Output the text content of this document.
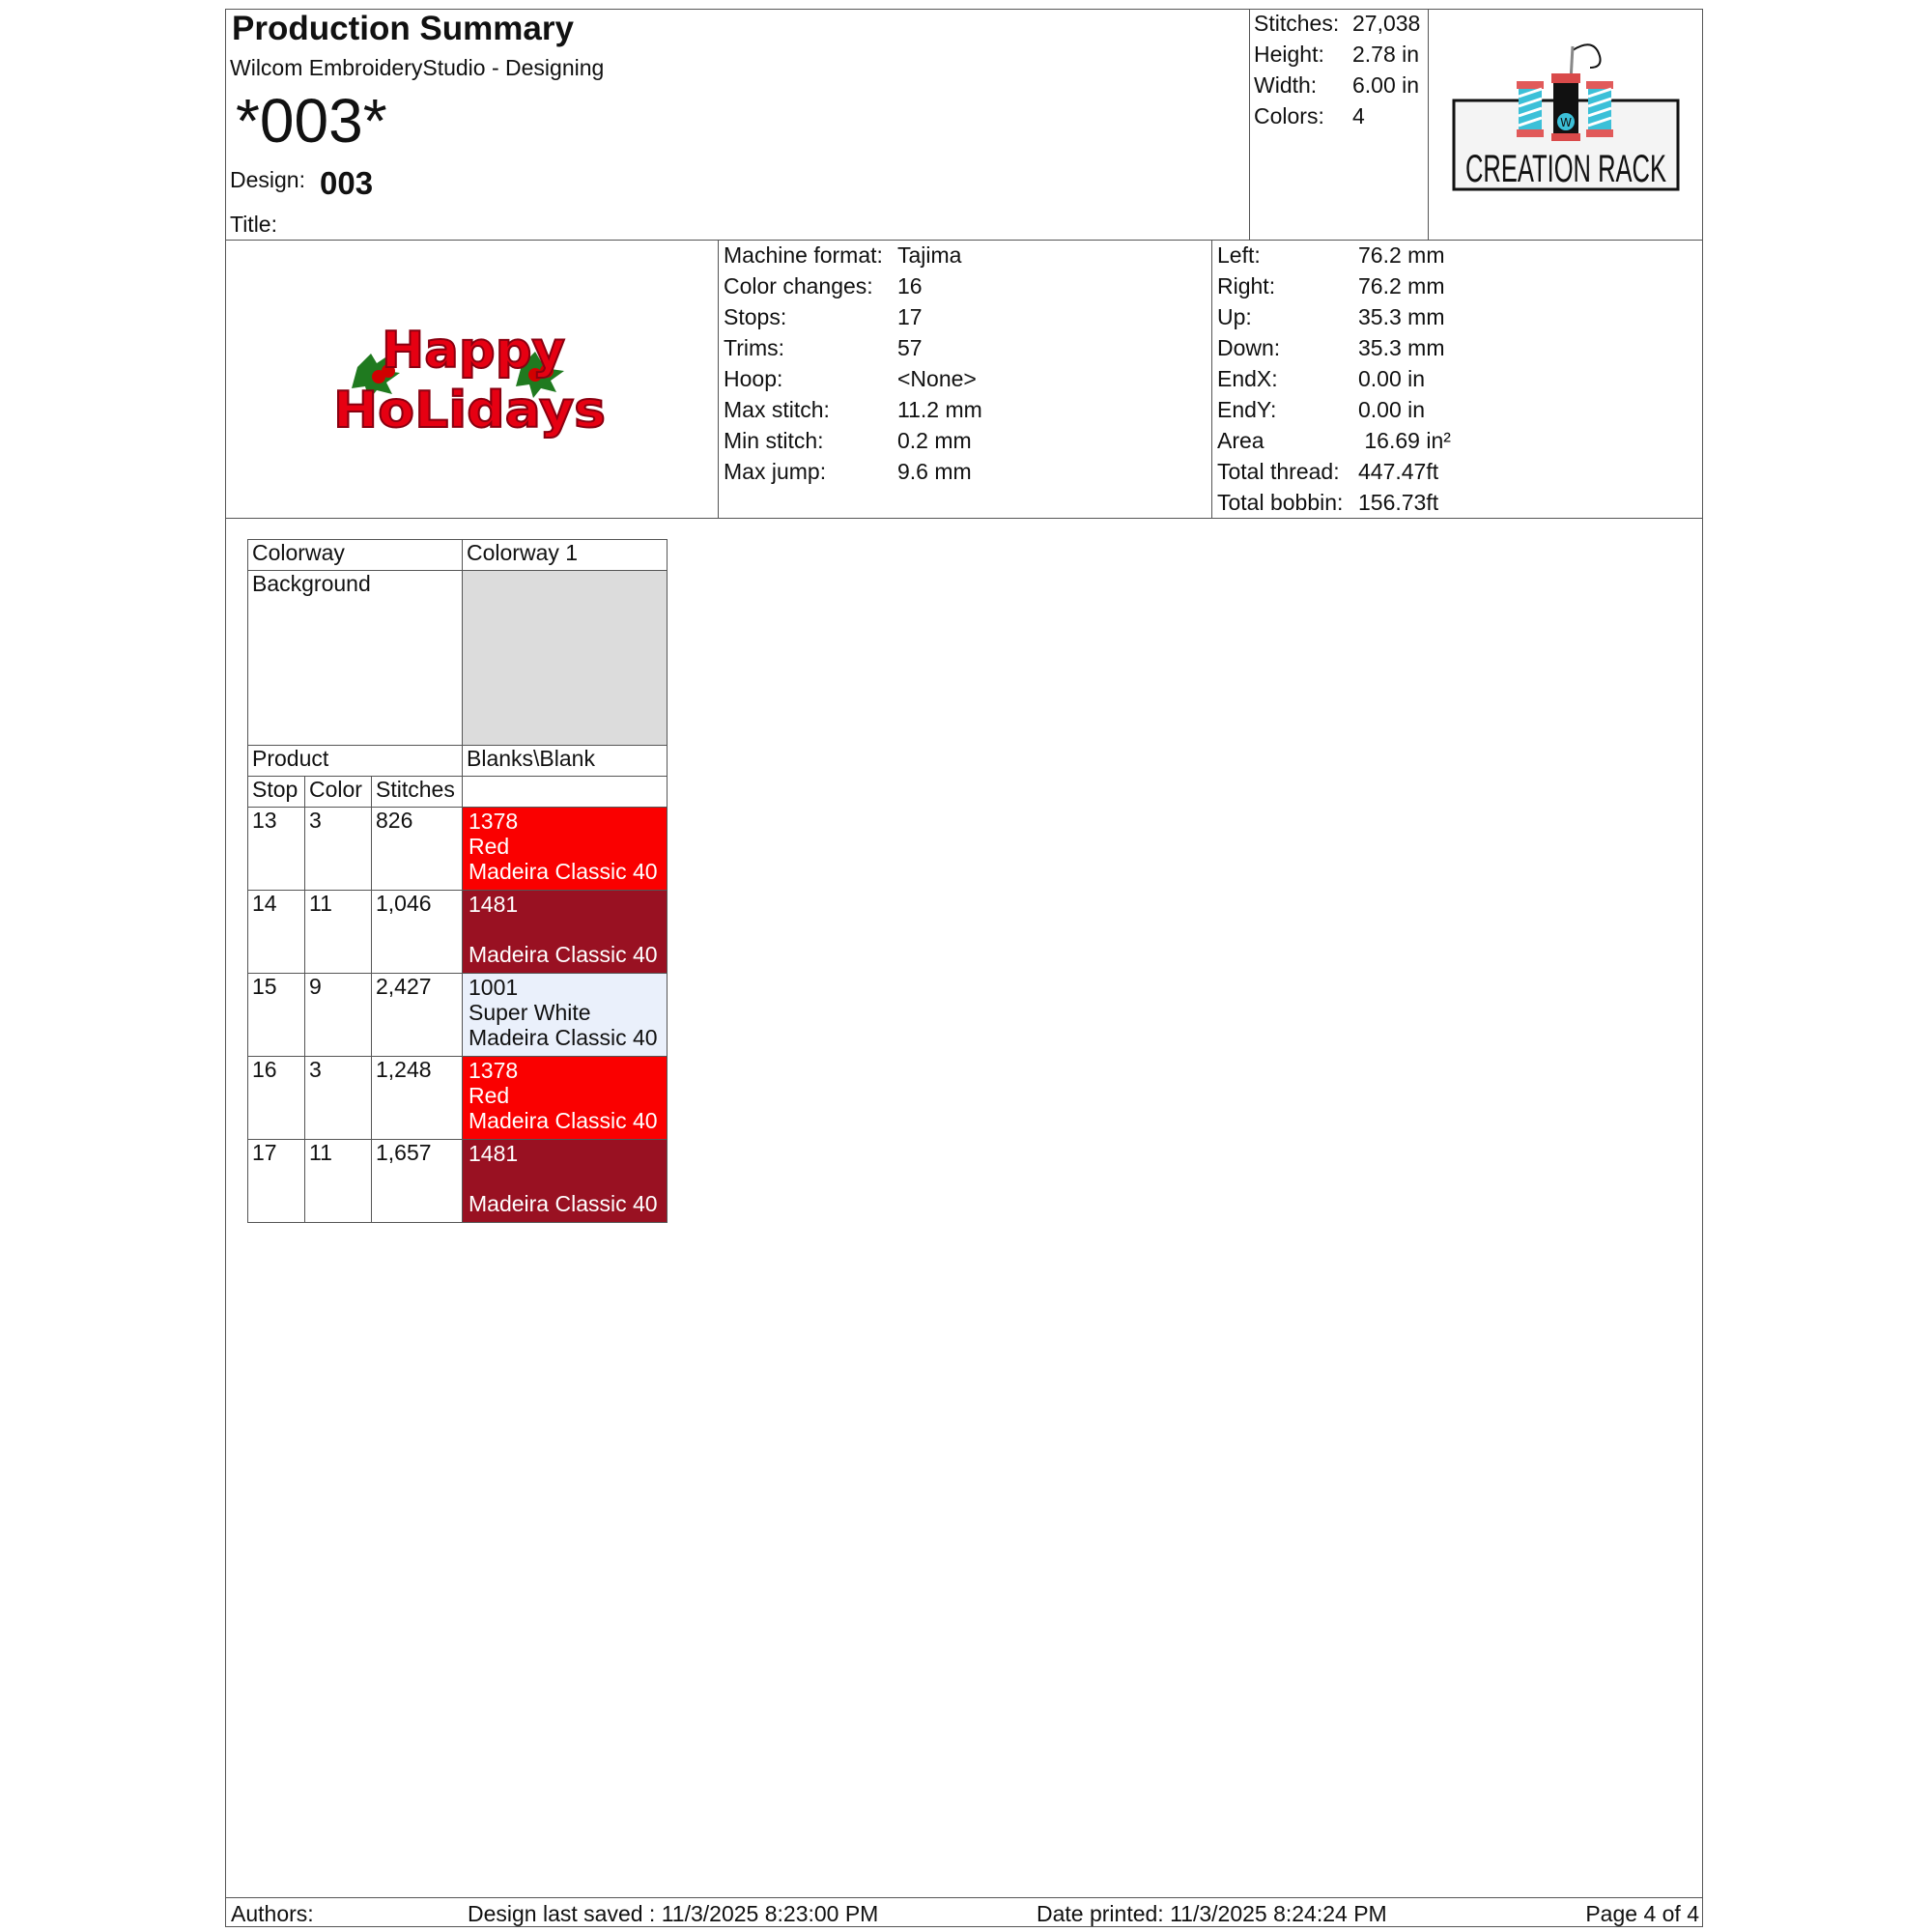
Production Summary
Wilcom EmbroideryStudio - Designing
*003*
Design: 003
Title:
Stitches: 27,038
Height: 2.78 in
Width: 6.00 in
Colors: 4	W
CREATION RACK
Happy
HoLidays
Machine format: Tajima
Color changes: 16
Stops:	17
Trims:	57
Hoop:	<None>
Max stitch:	11.2 mm
Min stitch:	0.2 mm
Max jump:	9.6 mm
Left:	76.2 mm
Right:	76.2 mm
Up:	35.3 mm
Down:	35.3 mm
EndX:	0.00 in
EndY:	0.00 in
Area	16.69 in²
Total thread: 447.47ft
Total bobbin: 156.73ft
Colorway			Colorway 1
Background			
Product			Blanks\Blank
Stop	Color	Stitches	
13	3	826	1378
Red
Madeira Classic 40

14	11	1,046	1481
Madeira Classic 40

15	9	2,427	1001
Super White
Madeira Classic 40

16	3	1,248	1378
Red
Madeira Classic 40

17	11	1,657	1481
Madeira Classic 40
Authors:	Design last saved : 11/3/2025 8:23:00 PM	Date printed: 11/3/2025 8:24:24 PM	Page 4 of 4
